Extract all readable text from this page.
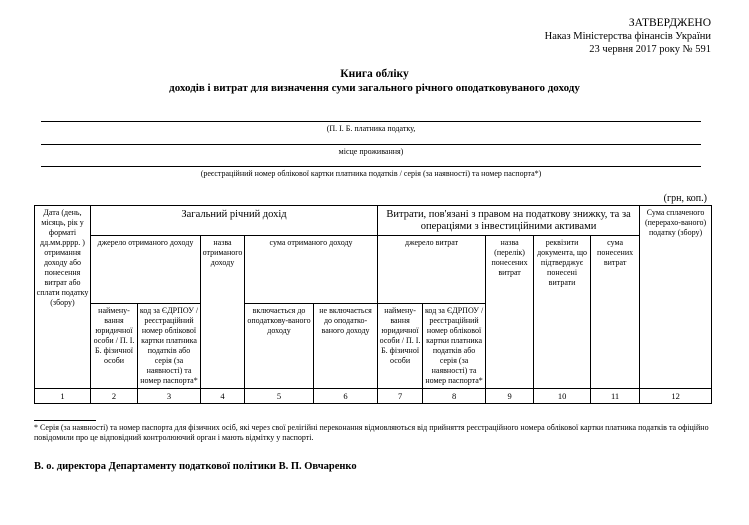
ЗАТВЕРДЖЕНО
Наказ Міністерства фінансів України
23 червня 2017 року № 591
Книга обліку
доходів і витрат для визначення суми загального річного оподатковуваного доходу
(П. І. Б. платника податку,
місце проживання)
(реєстраційний номер облікової картки платника податків / серія (за наявності) та номер паспорта*)
(грн, коп.)
Дата (день, місяць, рік у форматі дд.мм.рррр. ) отримання доходу або понесення витрат або сплати податку (збору)	Загальний річний дохід					Витрати, пов'язані з правом на податкову знижку, та за операціями з інвестиційними активами					Сума сплаченого (перерахо-ваного) податку (збору)
	джерело отриманого доходу		назва отриманого доходу	сума отриманого доходу		джерело витрат		назва (перелік) понесених витрат	реквізити документа, що підтверджує понесені витрати	сума понесених витрат	
	наймену-вання юридичної особи / П. І. Б. фізичної особи	код за ЄДРПОУ / реєстраційний номер облікової картки платника податків або серія (за наявності) та номер паспорта*		включається до оподаткову-ваного доходу	не включається до оподатко-ваного доходу	наймену-вання юридичної особи / П. І. Б. фізичної особи	код за ЄДРПОУ / реєстраційний номер облікової картки платника податків або серія (за наявності) та номер паспорта*				
1	2	3	4	5	6	7	8	9	10	11	12
* Серія (за наявності) та номер паспорта для фізичних осіб, які через свої релігійні переконання відмовляються від прийняття реєстраційного номера облікової картки платника податків та офіційно повідомили про це відповідний контролюючий орган і мають відмітку у паспорті.
В. о. директора Департаменту податкової політики В. П. Овчаренко
